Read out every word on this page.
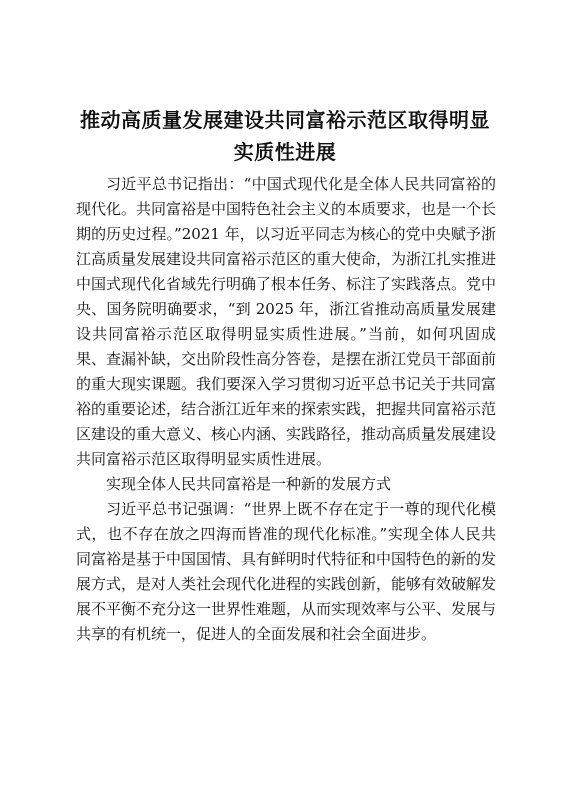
推动高质量发展建设共同富裕示范区取得明显实质性进展

习近平总书记指出：“中国式现代化是全体人民共同富裕的现代化。共同富裕是中国特色社会主义的本质要求，也是一个长期的历史过程。”2021 年，以习近平同志为核心的党中央赋予浙江高质量发展建设共同富裕示范区的重大使命，为浙江扎实推进中国式现代化省域先行明确了根本任务、标注了实践落点。党中央、国务院明确要求，“到 2025 年，浙江省推动高质量发展建设共同富裕示范区取得明显实质性进展。”当前，如何巩固成果、查漏补缺，交出阶段性高分答卷，是摆在浙江党员干部面前的重大现实课题。我们要深入学习贯彻习近平总书记关于共同富裕的重要论述，结合浙江近年来的探索实践，把握共同富裕示范区建设的重大意义、核心内涵、实践路径，推动高质量发展建设共同富裕示范区取得明显实质性进展。

实现全体人民共同富裕是一种新的发展方式

习近平总书记强调：“世界上既不存在定于一尊的现代化模式，也不存在放之四海而皆准的现代化标准。”实现全体人民共同富裕是基于中国国情、具有鲜明时代特征和中国特色的新的发展方式，是对人类社会现代化进程的实践创新，能够有效破解发展不平衡不充分这一世界性难题，从而实现效率与公平、发展与共享的有机统一，促进人的全面发展和社会全面进步。
